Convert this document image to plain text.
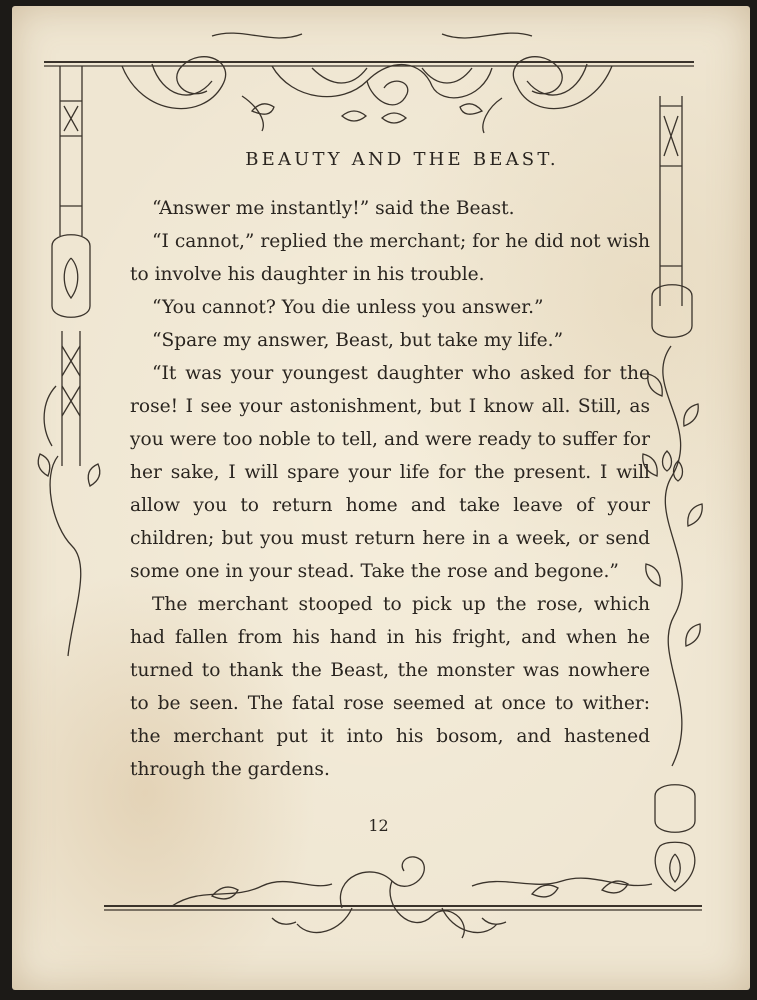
BEAUTY AND THE BEAST.

“Answer me instantly!” said the Beast.

“I cannot,” replied the merchant; for he did not wish to involve his daughter in his trouble.

“You cannot? You die unless you answer.”

“Spare my answer, Beast, but take my life.”

“It was your youngest daughter who asked for the rose! I see your astonishment, but I know all. Still, as you were too noble to tell, and were ready to suffer for her sake, I will spare your life for the present. I will allow you to return home and take leave of your children; but you must return here in a week, or send some one in your stead. Take the rose and begone.”

The merchant stooped to pick up the rose, which had fallen from his hand in his fright, and when he turned to thank the Beast, the monster was nowhere to be seen. The fatal rose seemed at once to wither: the merchant put it into his bosom, and hastened through the gardens.

12
